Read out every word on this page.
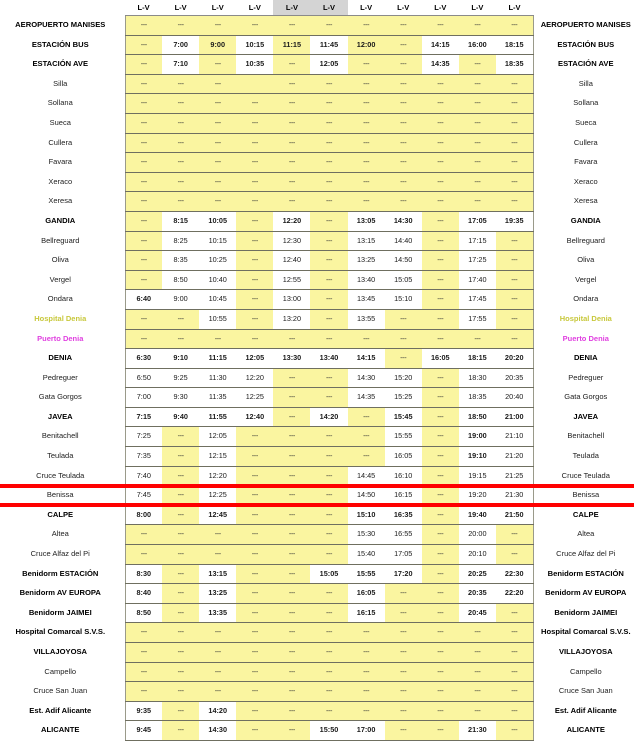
	L-V	L-V	L-V	L-V	L-V	L-V	L-V	L-V	L-V	L-V	L-V	
AEROPUERTO MANISES	---	---	---	---	---	---	---	---	---	---	---	AEROPUERTO MANISES
ESTACIÓN BUS	---	7:00	9:00	10:15	11:15	11:45	12:00	---	14:15	16:00	18:15	ESTACIÓN BUS
ESTACIÓN AVE	---	7:10	---	10:35	---	12:05	---	---	14:35	---	18:35	ESTACIÓN AVE
Silla	---	---	---		---	---	---	---	---	---	---	Silla
Sollana	---	---	---	---	---	---	---	---	---	---	---	Sollana
Sueca	---	---	---	---	---	---	---	---	---	---	---	Sueca
Cullera	---	---	---	---	---	---	---	---	---	---	---	Cullera
Favara	---	---	---	---	---	---	---	---	---	---	---	Favara
Xeraco	---	---	---	---	---	---	---	---	---	---	---	Xeraco
Xeresa	---	---	---	---	---	---	---	---	---	---	---	Xeresa
GANDIA	---	8:15	10:05	---	12:20	---	13:05	14:30	---	17:05	19:35	GANDIA
Bellreguard	---	8:25	10:15	---	12:30	---	13:15	14:40	---	17:15	---	Bellreguard
Oliva	---	8:35	10:25	---	12:40	---	13:25	14:50	---	17:25	---	Oliva
Vergel	---	8:50	10:40	---	12:55	---	13:40	15:05	---	17:40	---	Vergel
Ondara	6:40	9:00	10:45	---	13:00	---	13:45	15:10	---	17:45	---	Ondara
Hospital Denia	---	---	10:55	---	13:20	---	13:55	---	---	17:55	---	Hospital Denia
Puerto Denia	---	---	---	---	---	---	---	---	---	---	---	Puerto Denia
DENIA	6:30	9:10	11:15	12:05	13:30	13:40	14:15	---	16:05	18:15	20:20	DENIA
Pedreguer	6:50	9:25	11:30	12:20	---	---	14:30	15:20	---	18:30	20:35	Pedreguer
Gata Gorgos	7:00	9:30	11:35	12:25	---	---	14:35	15:25	---	18:35	20:40	Gata Gorgos
JAVEA	7:15	9:40	11:55	12:40	---	14:20	---	15:45	---	18:50	21:00	JAVEA
Benitachell	7:25	---	12:05	---	---	---	---	15:55	---	19:00	21:10	Benitachell
Teulada	7:35	---	12:15	---	---	---	---	16:05	---	19:10	21:20	Teulada
Cruce Teulada	7:40	---	12:20	---	---	---	14:45	16:10	---	19:15	21:25	Cruce Teulada
Benissa	7:45	---	12:25	---	---	---	14:50	16:15	---	19:20	21:30	Benissa
CALPE	8:00	---	12:45	---	---	---	15:10	16:35	---	19:40	21:50	CALPE
Altea	---	---	---	---	---	---	15:30	16:55	---	20:00	---	Altea
Cruce Alfaz del Pi	---	---	---	---	---	---	15:40	17:05	---	20:10	---	Cruce Alfaz del Pi
Benidorm ESTACIÓN	8:30	---	13:15	---	---	15:05	15:55	17:20	---	20:25	22:30	Benidorm ESTACIÓN
Benidorm AV EUROPA	8:40	---	13:25	---	---	---	16:05	---	---	20:35	22:20	Benidorm AV EUROPA
Benidorm JAIMEI	8:50	---	13:35	---	---	---	16:15	---	---	20:45	---	Benidorm JAIMEI
Hospital Comarcal S.V.S.	---	---	---	---	---	---	---	---	---	---	---	Hospital Comarcal S.V.S.
VILLAJOYOSA	---	---	---	---	---	---	---	---	---	---	---	VILLAJOYOSA
Campello	---	---	---	---	---	---	---	---	---	---	---	Campello
Cruce San Juan	---	---	---	---	---	---	---	---	---	---	---	Cruce San Juan
Est. Adif Alicante	9:35	---	14:20	---	---	---	---	---	---	---	---	Est. Adif Alicante
ALICANTE	9:45	---	14:30	---	---	15:50	17:00	---	---	21:30	---	ALICANTE
